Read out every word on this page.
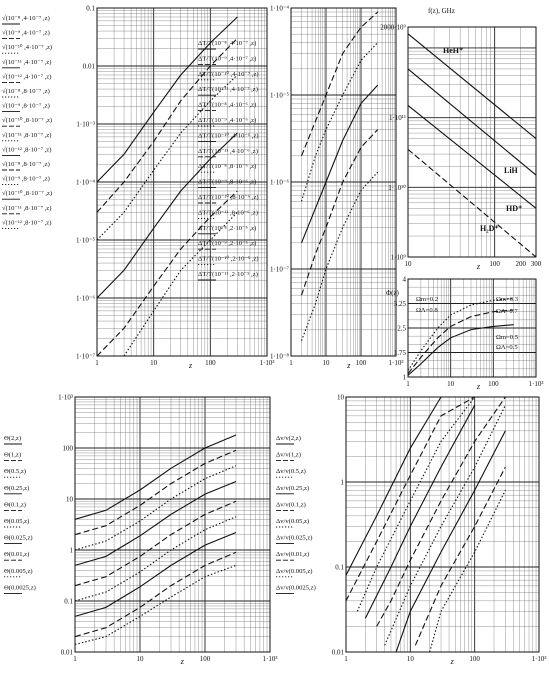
1	10	100	1·10³
1·10⁻⁷
1·10⁻⁶
1·10⁻⁵
1·10⁻⁴
1·10⁻³
0.01
0.1
z
√(10⁻⁸ ,4·10⁻⁷ ,z)
√(10⁻⁹ ,4·10⁻⁷ ,z)
√(10⁻¹⁰ ,4·10⁻⁷ ,z)
√(10⁻¹¹ ,4·10⁻⁷ ,z)
√(10⁻¹² ,4·10⁻⁷ ,z)
√(10⁻⁸ ,8·10⁻⁷ ,z)
√(10⁻⁹ ,8·10⁻⁷ ,z)
√(10⁻¹⁰ ,8·10⁻⁷ ,z)
√(10⁻¹¹ ,8·10⁻⁷ ,z)
√(10⁻¹² ,8·10⁻⁷ ,z)
√(10⁻⁸ ,8·10⁻⁷ ,z)
√(10⁻⁹ ,8·10⁻⁷ ,z)
√(10⁻¹⁰ ,8·10⁻⁷ ,z)
√(10⁻¹¹ ,8·10⁻⁷ ,z)
√(10⁻¹² ,8·10⁻⁷ ,z)
1	10	100	1·10³
1·10⁻⁸
1·10⁻⁷
1·10⁻⁶
1·10⁻⁵
1·10⁻⁴
z
ΔT/T(10⁻⁸ ,4·10⁻⁷ ,z)
ΔT/T(10⁻⁹ ,4·10⁻⁷ ,z)
ΔT/T(10⁻¹⁰ ,4·10⁻⁷ ,z)
ΔT/T(10⁻¹¹ ,4·10⁻⁷ ,z)
ΔT/T(10⁻⁸ ,4·10⁻⁶ ,z)
ΔT/T(10⁻⁹ ,4·10⁻⁶ ,z)
ΔT/T(10⁻¹⁰ ,4·10⁻⁶ ,z)
ΔT/T(10⁻¹¹ ,4·10⁻⁶ ,z)
ΔT/T(10⁻⁸ ,8·10⁻⁶ ,z)
ΔT/T(10⁻⁹ ,8·10⁻⁶ ,z)
ΔT/T(10⁻¹⁰ ,8·10⁻⁶ ,z)
ΔT/T(10⁻¹¹ ,8·10⁻⁶ ,z)
ΔT/T(10⁻⁸ ,2·10⁻⁵ ,z)
ΔT/T(10⁻⁹ ,2·10⁻⁵ ,z)
ΔT/T(10⁻¹⁰ ,2·10⁻⁵ ,z)
ΔT/T(10⁻¹¹ ,2·10⁻⁵ ,z)
10	100 200 300
1·10⁹
1·10¹⁰
1·10¹¹
2000·10⁹
z
f(z), GHz
HeH⁺
LiH
HD⁺
H₂D⁺
1	10	100	1·10³
1
1.75
2.5
3.25
4
z
Φ(z)
Ωm=0.2
ΩΛ=0.8
Ωm=0.3
ΩΛ=0.7
Ωm=0.5
ΩΛ=0.5
1	10	100	1·10³
0.01
0.1
1
10
100
1·10³
z
Θ(2,z)
Θ(1,z)
Θ(0.5,z)
Θ(0.25,z)
Θ(0.1,z)
Θ(0.05,z)
Θ(0.025,z)
Θ(0.01,z)
Θ(0.005,z)
Θ(0.0025,z)
1	10	100	1·10³
0.01
0.1
1
10
z
Δv/v(2,z)
Δv/v(1,z)
Δv/v(0.5,z)
Δv/v(0.25,z)
Δv/v(0.1,z)
Δv/v(0.05,z)
Δv/v(0.025,z)
Δv/v(0.01,z)
Δv/v(0.005,z)
Δv/v(0.0025,z)
